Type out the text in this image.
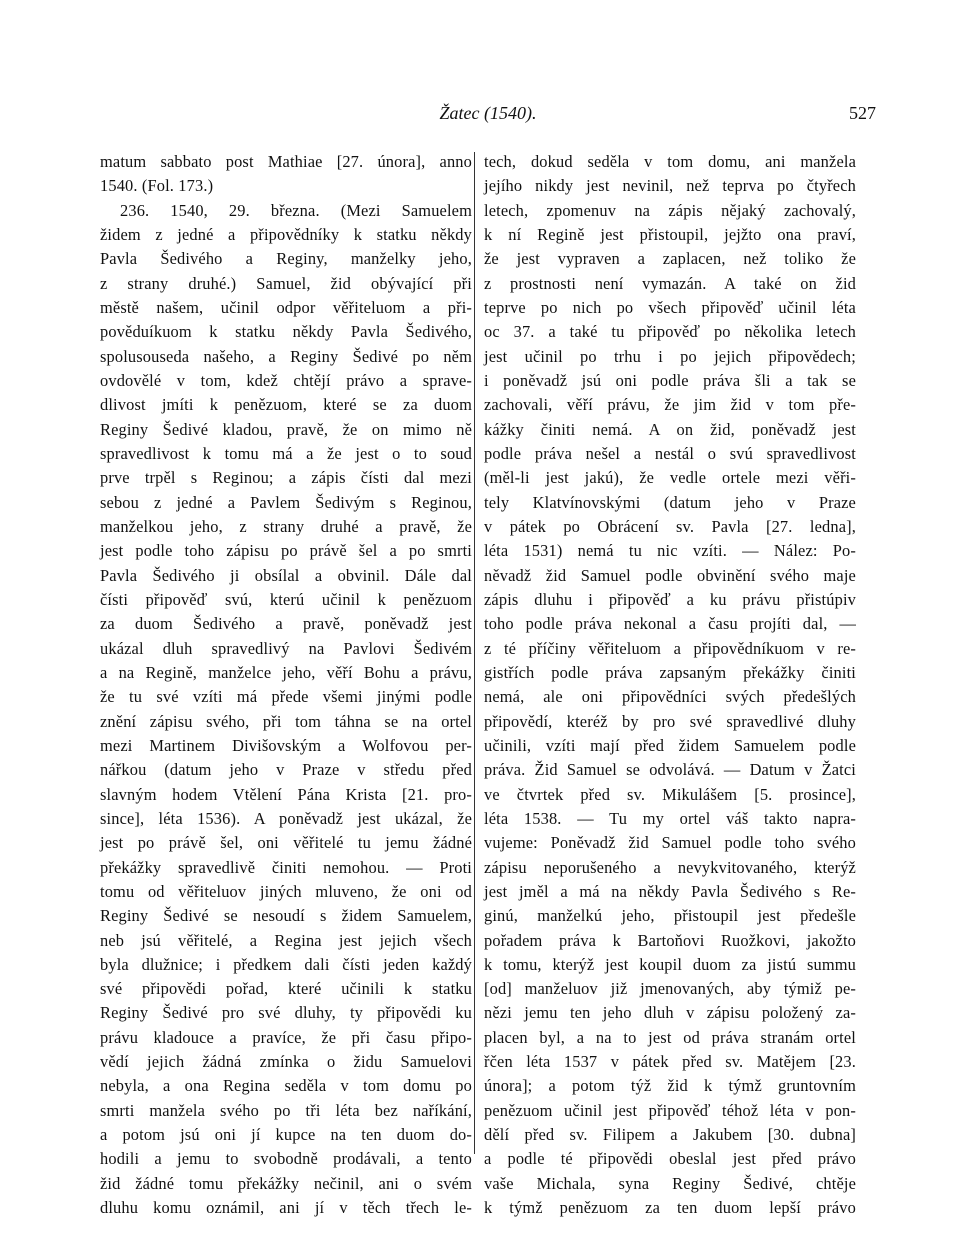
Žatec (1540).	527
matum sabbato post Mathiae [27. února], anno
1540. (Fol. 173.)
236. 1540, 29. března. (Mezi Samuelem
židem z jedné a připovědníky k statku někdy
Pavla Šedivého a Reginy, manželky jeho,
z strany druhé.) Samuel, žid obývající při
městě našem, učinil odpor věřiteluom a při-
pověduíkuom k statku někdy Pavla Šedivého,
spolusouseda našeho, a Reginy Šedivé po něm
ovdovělé v tom, kdež chtějí právo a sprave-
dlivost jmíti k penězuom, které se za duom
Reginy Šedivé kladou, pravě, že on mimo ně
spravedlivost k tomu má a že jest o to soud
prve trpěl s Reginou; a zápis čísti dal mezi
sebou z jedné a Pavlem Šedivým s Reginou,
manželkou jeho, z strany druhé a pravě, že
jest podle toho zápisu po právě šel a po smrti
Pavla Šedivého ji obsílal a obvinil. Dále dal
čísti připověď svú, kterú učinil k penězuom
za duom Šedivého a pravě, poněvadž jest
ukázal dluh spravedlivý na Pavlovi Šedivém
a na Regině, manželce jeho, věří Bohu a právu,
že tu své vzíti má přede všemi jinými podle
znění zápisu svého, při tom táhna se na ortel
mezi Martinem Divišovským a Wolfovou per-
nářkou (datum jeho v Praze v středu před
slavným hodem Vtělení Pána Krista [21. pro-
since], léta 1536). A poněvadž jest ukázal, že
jest po právě šel, oni věřitelé tu jemu žádné
překážky spravedlivě činiti nemohou. — Proti
tomu od věřiteluov jiných mluveno, že oni od
Reginy Šedivé se nesoudí s židem Samuelem,
neb jsú věřitelé, a Regina jest jejich všech
byla dlužnice; i předkem dali čísti jeden každý
své připovědi pořad, které učinili k statku
Reginy Šedivé pro své dluhy, ty připovědi ku
právu kladouce a pravíce, že při času připo-
vědí jejich žádná zmínka o židu Samuelovi
nebyla, a ona Regina seděla v tom domu po
smrti manžela svého po tři léta bez naříkání,
a potom jsú oni jí kupce na ten duom do-
hodili a jemu to svobodně prodávali, a tento
žid žádné tomu překážky nečinil, ani o svém
dluhu komu oznámil, ani jí v těch třech le-
tech, dokud seděla v tom domu, ani manžela
jejího nikdy jest nevinil, než teprva po čtyřech
letech, zpomenuv na zápis nějaký zachovalý,
k ní Regině jest přistoupil, jejžto ona praví,
že jest vypraven a zaplacen, než toliko že
z prostnosti není vymazán. A také on žid
teprve po nich po všech připověď učinil léta
oc 37. a také tu připověď po několika letech
jest učinil po trhu i po jejich připovědech;
i poněvadž jsú oni podle práva šli a tak se
zachovali, věří právu, že jim žid v tom pře-
kážky činiti nemá. A on žid, poněvadž jest
podle práva nešel a nestál o svú spravedlivost
(měl-li jest jakú), že vedle ortele mezi věři-
tely Klatvínovskými (datum jeho v Praze
v pátek po Obrácení sv. Pavla [27. ledna],
léta 1531) nemá tu nic vzíti. — Nález: Po-
něvadž žid Samuel podle obvinění svého maje
zápis dluhu i připověď a ku právu přistúpiv
toho podle práva nekonal a času projíti dal, —
z té příčiny věřiteluom a připovědníkuom v re-
gistřích podle práva zapsaným překážky činiti
nemá, ale oni připovědníci svých předešlých
připovědí, kteréž by pro své spravedlivé dluhy
učinili, vzíti mají před židem Samuelem podle
práva. Žid Samuel se odvolává. — Datum v Žatci
ve čtvrtek před sv. Mikulášem [5. prosince],
léta 1538. — Tu my ortel váš takto naprа-
vujeme: Poněvadž žid Samuel podle toho svého
zápisu neporušeného a nevykvitovaného, kterýž
jest jměl a má na někdy Pavla Šedivého s Re-
ginú, manželkú jeho, přistoupil jest předešle
pořadem práva k Bartoňovi Ruožkovi, jakožto
k tomu, kterýž jest koupil duom za jistú summu
[od] manželuov již jmenovaných, aby týmiž pe-
nězi jemu ten jeho dluh v zápisu položený za-
placen byl, a na to jest od práva stranám ortel
řčen léta 1537 v pátek před sv. Matějem [23.
února]; a potom týž žid k týmž gruntovním
penězuom učinil jest připověď téhož léta v pon-
dělí před sv. Filipem a Jakubem [30. dubna]
a podle té připovědi obeslal jest před právo
vaše Michala, syna Reginy Šedivé, chtěje
k týmž penězuom za ten duom lepší právo
